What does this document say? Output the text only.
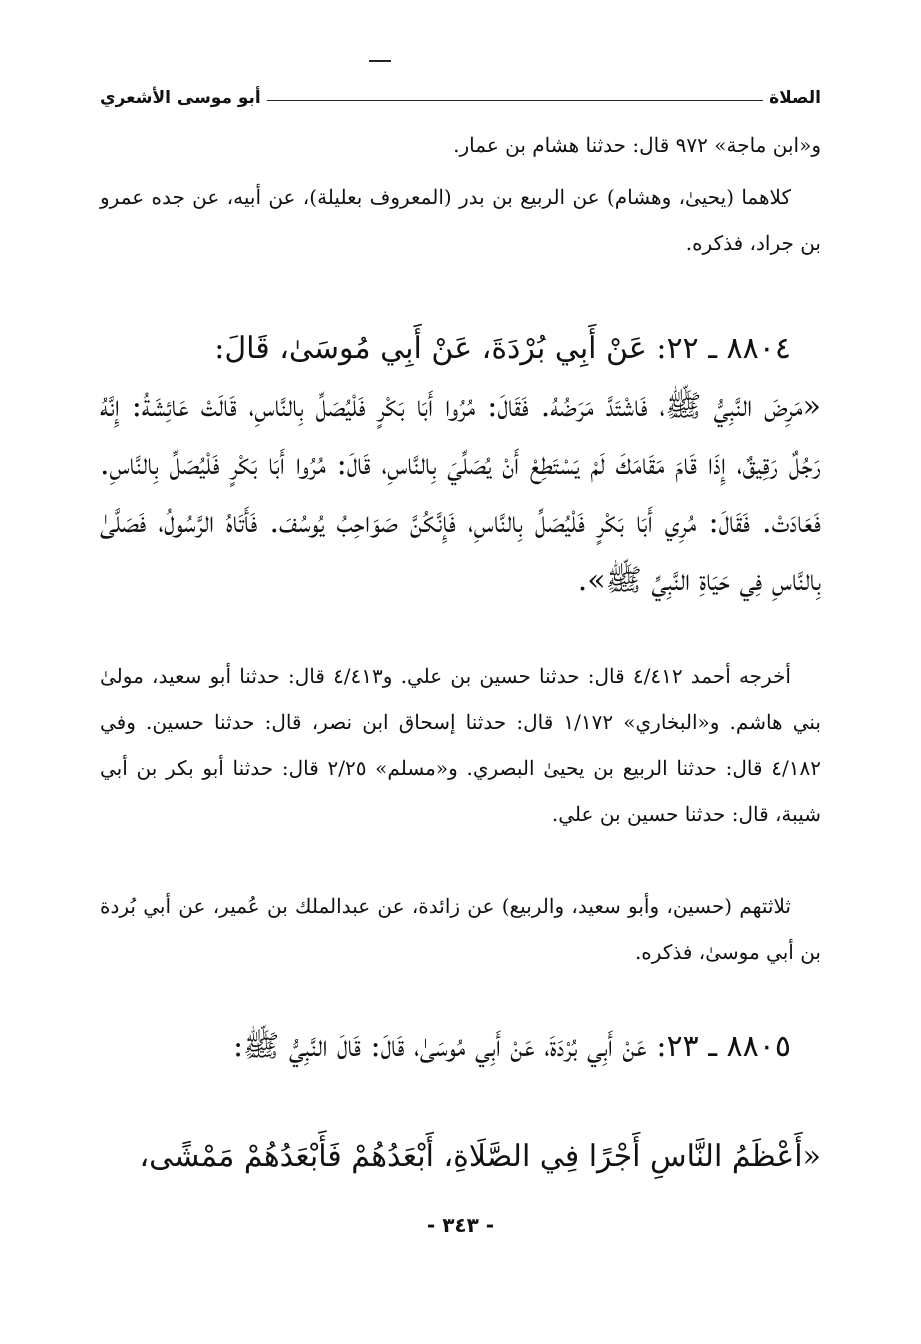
الصلاة
أبو موسى الأشعري

و«ابن ماجة» ٩٧٢ قال: حدثنا هشام بن عمار.

كلاهما (يحيىٰ، وهشام) عن الربيع بن بدر (المعروف بعليلة)، عن أبيه، عن جده عمرو بن جراد، فذكره.

٨٨٠٤ ـ ٢٢: عَنْ أَبِي بُرْدَةَ، عَنْ أَبِي مُوسَىٰ، قَالَ:

«مَرِضَ النَّبِيُّ ﷺ، فَاشْتَدَّ مَرَضُهُ. فَقَالَ: مُرُوا أَبَا بَكْرٍ فَلْيُصَلِّ بِالنَّاسِ، قَالَتْ عَائِشَةُ: إِنَّهُ رَجُلٌ رَقِيقٌ، إِذَا قَامَ مَقَامَكَ لَمْ يَسْتَطِعْ أَنْ يُصَلِّيَ بِالنَّاسِ، قَالَ: مُرُوا أَبَا بَكْرٍ فَلْيُصَلِّ بِالنَّاسِ. فَعَادَتْ. فَقَالَ: مُرِي أَبَا بَكْرٍ فَلْيُصَلِّ بِالنَّاسِ، فَإِنَّكُنَّ صَوَاحِبُ يُوسُفَ. فَأَتَاهُ الرَّسُولُ، فَصَلَّىٰ بِالنَّاسِ فِي حَيَاةِ النَّبِيِّ ﷺ».

أخرجه أحمد ٤/٤١٢ قال: حدثنا حسين بن علي. و٤/٤١٣ قال: حدثنا أبو سعيد، مولىٰ بني هاشم. و«البخاري» ١/١٧٢ قال: حدثنا إسحاق ابن نصر، قال: حدثنا حسين. وفي ٤/١٨٢ قال: حدثنا الربيع بن يحيىٰ البصري. و«مسلم» ٢/٢٥ قال: حدثنا أبو بكر بن أبي شيبة، قال: حدثنا حسين بن علي.

ثلاثتهم (حسين، وأبو سعيد، والربيع) عن زائدة، عن عبدالملك بن عُمير، عن أبي بُردة بن أبي موسىٰ، فذكره.

٨٨٠٥ ـ ٢٣: عَنْ أَبِي بُرْدَةَ، عَنْ أَبِي مُوسَىٰ، قَالَ: قَالَ النَّبِيُّ ﷺ:

«أَعْظَمُ النَّاسِ أَجْرًا فِي الصَّلَاةِ، أَبْعَدُهُمْ فَأَبْعَدُهُمْ مَمْشًى،

- ٣٤٣ -
